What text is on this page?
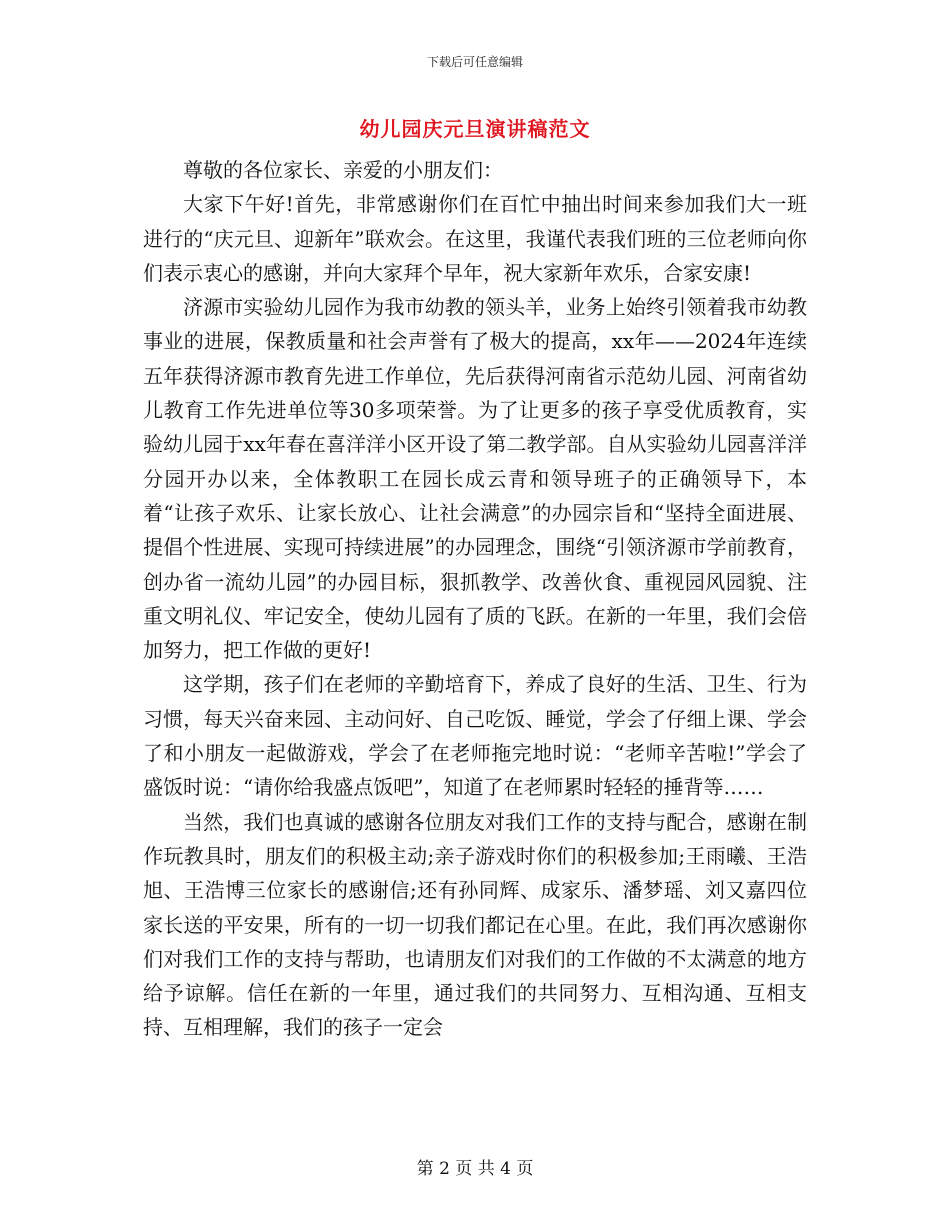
下载后可任意编辑
幼儿园庆元旦演讲稿范文

尊敬的各位家长、亲爱的小朋友们：

大家下午好!首先，非常感谢你们在百忙中抽出时间来参加我们大一班进行的“庆元旦、迎新年”联欢会。在这里，我谨代表我们班的三位老师向你们表示衷心的感谢，并向大家拜个早年，祝大家新年欢乐，合家安康!

济源市实验幼儿园作为我市幼教的领头羊，业务上始终引领着我市幼教事业的进展，保教质量和社会声誉有了极大的提高，xx年——2024年连续五年获得济源市教育先进工作单位，先后获得河南省示范幼儿园、河南省幼儿教育工作先进单位等30多项荣誉。为了让更多的孩子享受优质教育，实验幼儿园于xx年春在喜洋洋小区开设了第二教学部。自从实验幼儿园喜洋洋分园开办以来，全体教职工在园长成云青和领导班子的正确领导下，本着“让孩子欢乐、让家长放心、让社会满意”的办园宗旨和“坚持全面进展、提倡个性进展、实现可持续进展”的办园理念，围绕“引领济源市学前教育，创办省一流幼儿园”的办园目标，狠抓教学、改善伙食、重视园风园貌、注重文明礼仪、牢记安全，使幼儿园有了质的飞跃。在新的一年里，我们会倍加努力，把工作做的更好!

这学期，孩子们在老师的辛勤培育下，养成了良好的生活、卫生、行为习惯，每天兴奋来园、主动问好、自己吃饭、睡觉，学会了仔细上课、学会了和小朋友一起做游戏，学会了在老师拖完地时说：“老师辛苦啦!”学会了盛饭时说：“请你给我盛点饭吧”，知道了在老师累时轻轻的捶背等……

当然，我们也真诚的感谢各位朋友对我们工作的支持与配合，感谢在制作玩教具时，朋友们的积极主动;亲子游戏时你们的积极参加;王雨曦、王浩旭、王浩博三位家长的感谢信;还有孙同辉、成家乐、潘梦瑶、刘又嘉四位家长送的平安果，所有的一切一切我们都记在心里。在此，我们再次感谢你们对我们工作的支持与帮助，也请朋友们对我们的工作做的不太满意的地方给予谅解。信任在新的一年里，通过我们的共同努力、互相沟通、互相支持、互相理解，我们的孩子一定会

第 2 页 共 4 页
